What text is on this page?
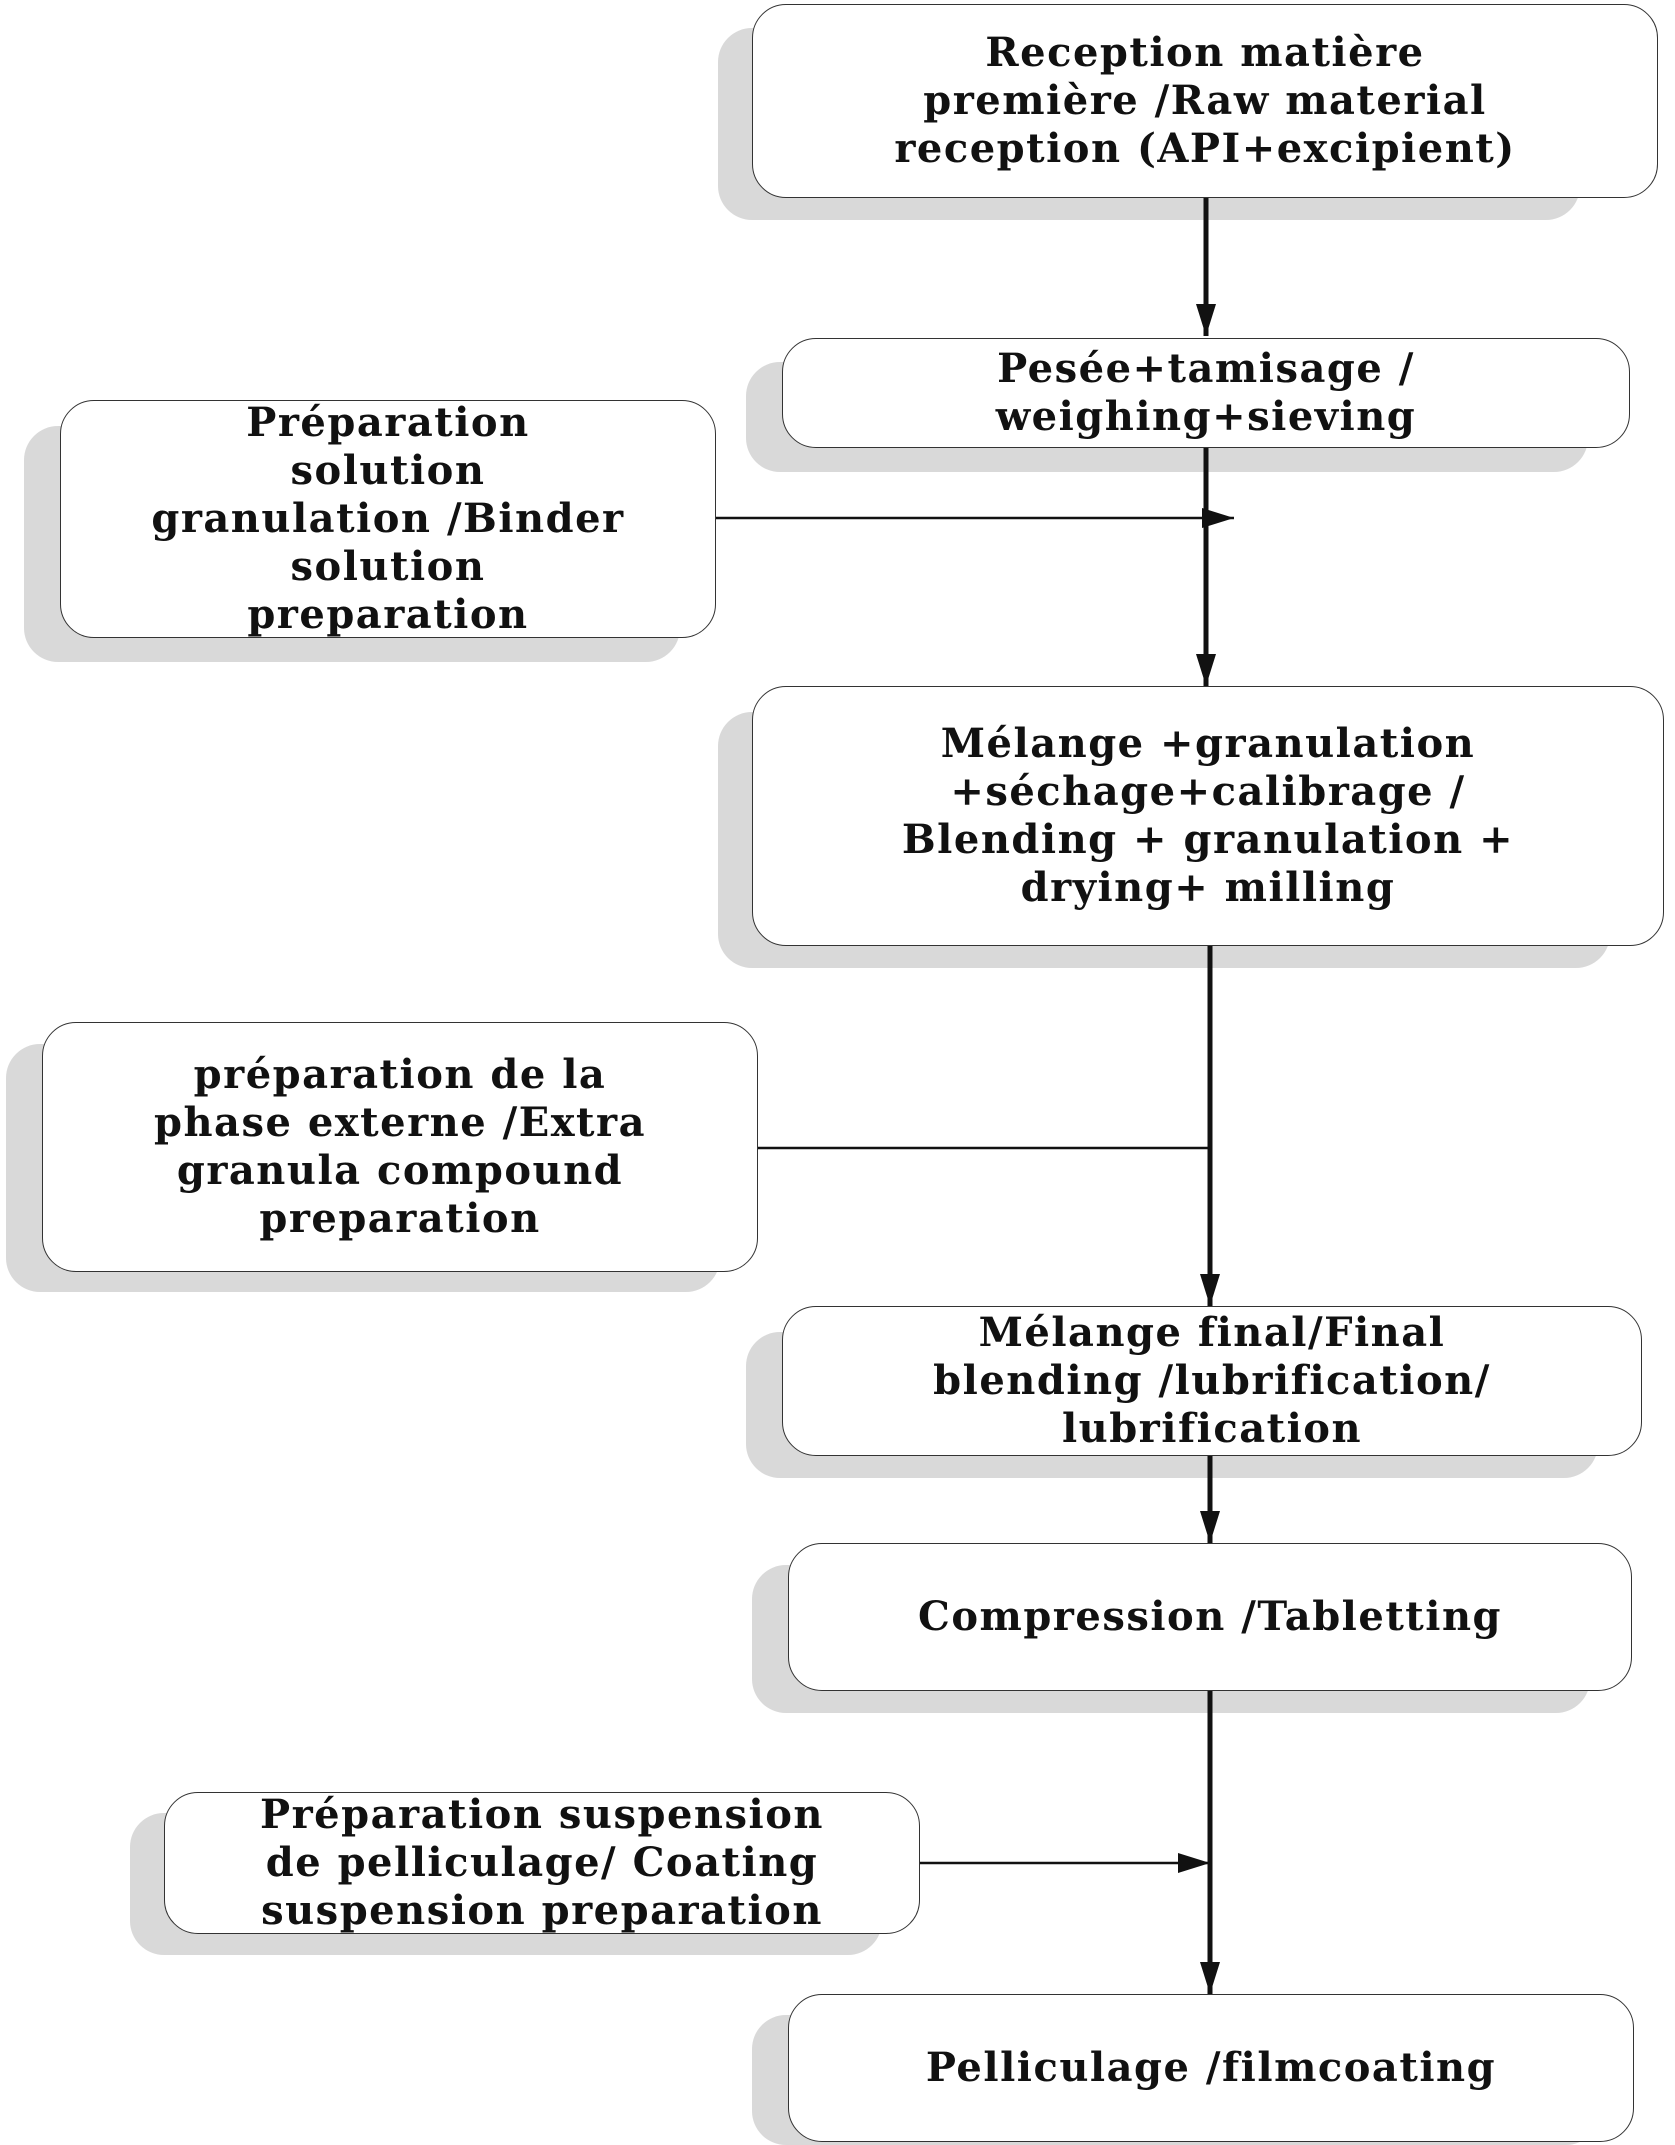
Reception matière
première /Raw material
reception (API+excipient)

Pesée+tamisage /
weighing+sieving

Préparation
solution
granulation /Binder
solution
preparation

Mélange +granulation
+séchage+calibrage /
Blending + granulation +
drying+ milling

préparation de la
phase externe /Extra
granula compound
preparation

Mélange final/Final
blending /lubrification/
lubrification

Compression /Tabletting

Préparation suspension
de pelliculage/ Coating
suspension preparation

Pelliculage /filmcoating
